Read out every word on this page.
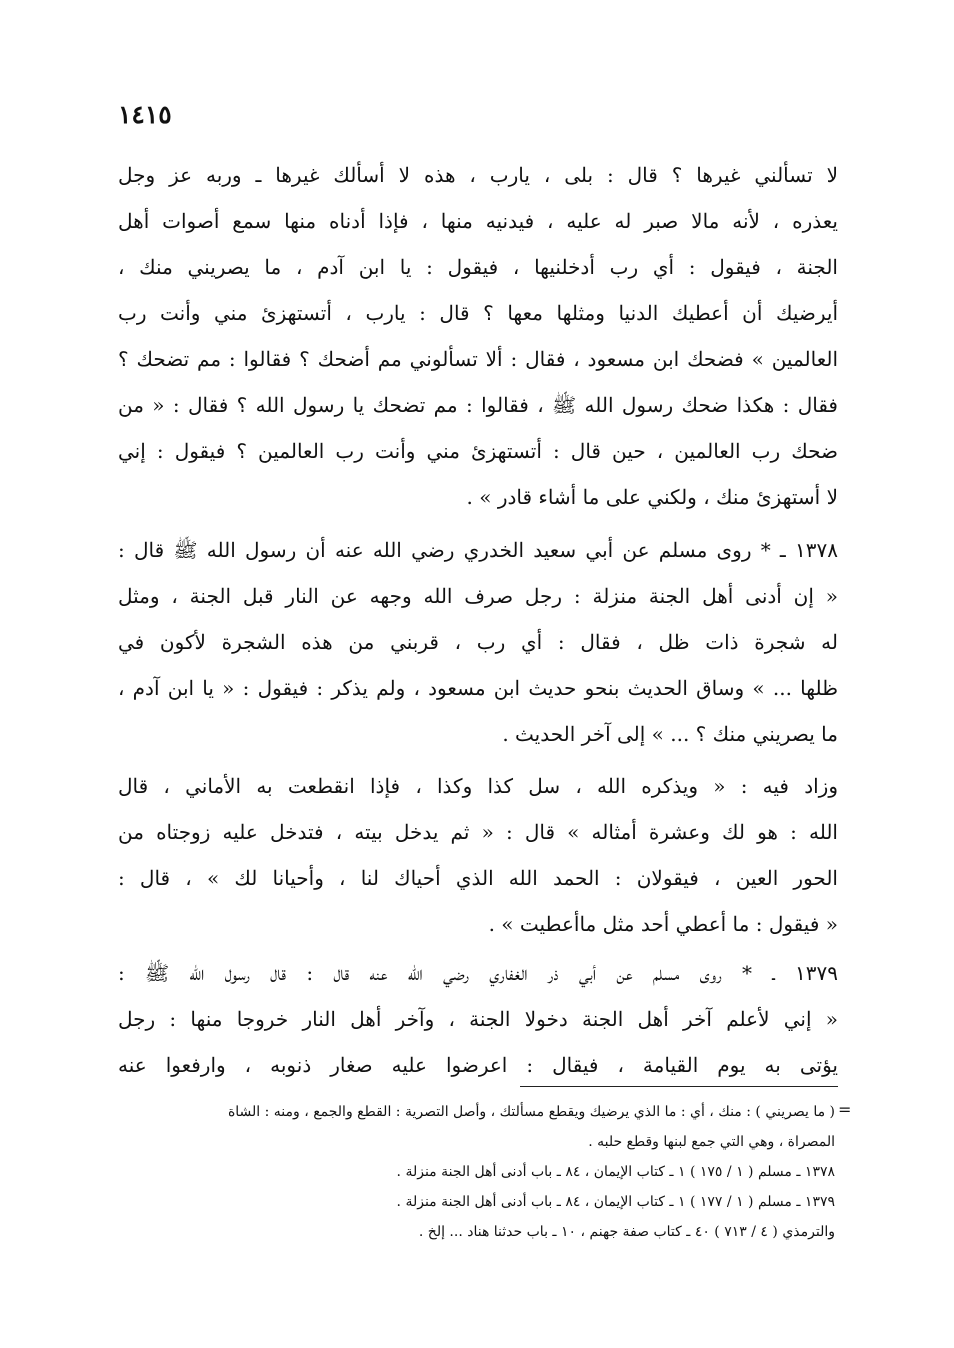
١٤١٥
لا تسألني غيرها ؟ قال : بلى ، يارب ، هذه لا أسألك غيرها ـ وربه عز وجل
يعذره ، لأنه مالا صبر له عليه ، فيدنيه منها ، فإذا أدناه منها سمع أصوات أهل
الجنة ، فيقول : أي رب أدخلنيها ، فيقول : يا ابن آدم ، ما يصريني منك ،
أيرضيك أن أعطيك الدنيا ومثلها معها ؟ قال : يارب ، أتستهزئ مني وأنت رب
العالمين » فضحك ابن مسعود ، فقال : ألا تسألوني مم أضحك ؟ فقالوا : مم تضحك ؟
فقال : هكذا ضحك رسول الله ﷺ ، فقالوا : مم تضحك يا رسول الله ؟ فقال : « من
ضحك رب العالمين ، حين قال : أتستهزئ مني وأنت رب العالمين ؟ فيقول : إني
لا أستهزئ منك ، ولكني على ما أشاء قادر » .
١٣٧٨ ـ * روى مسلم عن أبي سعيد الخدري رضي الله عنه أن رسول الله ﷺ قال :
« إن أدنى أهل الجنة منزلة : رجل صرف الله وجهه عن النار قبل الجنة ، ومثل
له شجرة ذات ظل ، فقال : أي رب ، قربني من هذه الشجرة لأكون في
ظلها ... » وساق الحديث بنحو حديث ابن مسعود ، ولم يذكر : فيقول : « يا ابن آدم ،
ما يصريني منك ؟ ... » إلى آخر الحديث .
وزاد فيه : « ويذكره الله ، سل كذا وكذا ، فإذا انقطعت به الأماني ، قال
الله : هو لك وعشرة أمثاله » قال : « ثم يدخل بيته ، فتدخل عليه زوجتاه من
الحور العين ، فيقولان : الحمد الله الذي أحياك لنا ، وأحيانا لك » ، قال :
« فيقول : ما أعطي أحد مثل ماأعطيت » .
١٣٧٩ ـ * روى مسلم عن أبي ذر الغفاري رضي الله عنه قال : قال رسول الله ﷺ :
« إني لأعلم آخر أهل الجنة دخولا الجنة ، وآخر أهل النار خروجا منها : رجل
يؤتى به يوم القيامة ، فيقال : اعرضوا عليه صغار ذنوبه ، وارفعوا عنه
=
( ما يصريني ) : منك ، أي : ما الذي يرضيك ويقطع مسألتك ، وأصل التصرية : القطع والجمع ، ومنه : الشاة
المصراة ، وهي التي جمع لبنها وقطع حلبه .
١٣٧٨ ـ مسلم ( ١ / ١٧٥ ) ١ ـ كتاب الإيمان ، ٨٤ ـ باب أدنى أهل الجنة منزلة .
١٣٧٩ ـ مسلم ( ١ / ١٧٧ ) ١ ـ كتاب الإيمان ، ٨٤ ـ باب أدنى أهل الجنة منزلة .
والترمذي ( ٤ / ٧١٣ ) ٤٠ ـ كتاب صفة جهنم ، ١٠ ـ باب حدثنا هناد ... إلخ .
